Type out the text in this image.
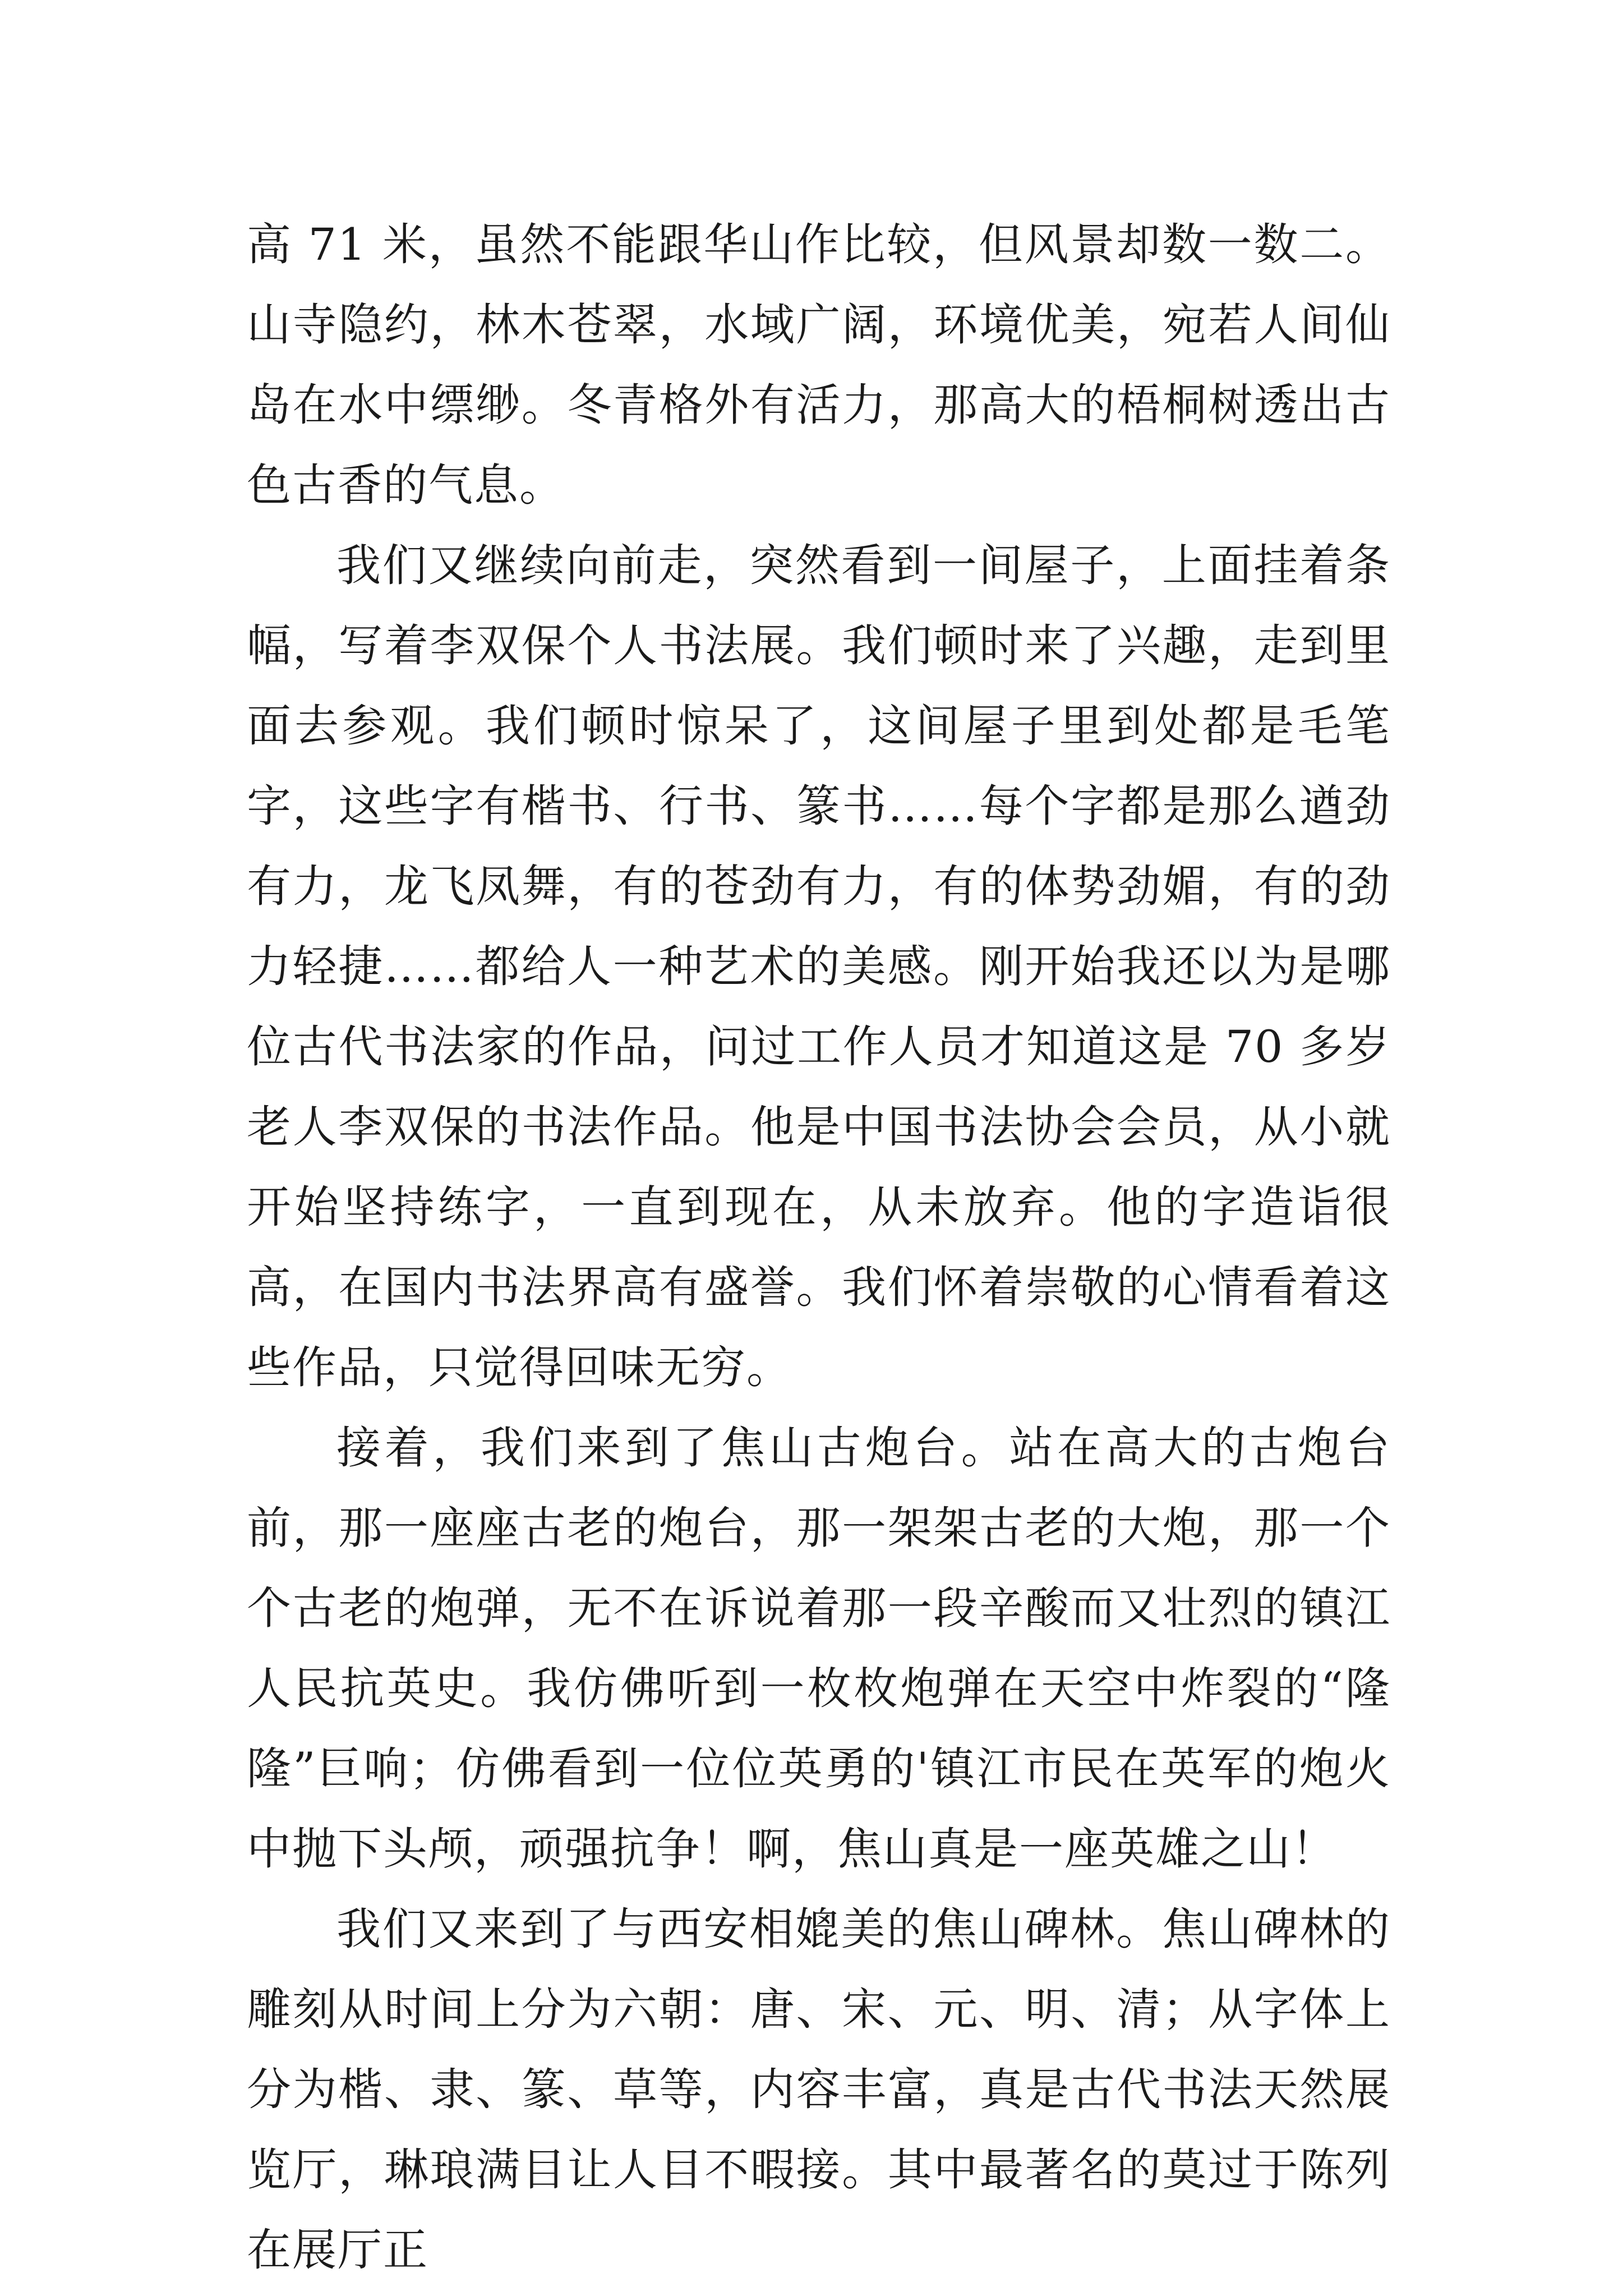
高 71 米，虽然不能跟华山作比较，但风景却数一数二。山寺隐约，林木苍翠，水域广阔，环境优美，宛若人间仙岛在水中缥缈。冬青格外有活力，那高大的梧桐树透出古色古香的气息。

我们又继续向前走，突然看到一间屋子，上面挂着条幅，写着李双保个人书法展。我们顿时来了兴趣，走到里面去参观。我们顿时惊呆了，这间屋子里到处都是毛笔字，这些字有楷书、行书、篆书……每个字都是那么遒劲有力，龙飞凤舞，有的苍劲有力，有的体势劲媚，有的劲力轻捷……都给人一种艺术的美感。刚开始我还以为是哪位古代书法家的作品，问过工作人员才知道这是 70 多岁老人李双保的书法作品。他是中国书法协会会员，从小就开始坚持练字，一直到现在，从未放弃。他的字造诣很高，在国内书法界高有盛誉。我们怀着崇敬的心情看着这些作品，只觉得回味无穷。

接着，我们来到了焦山古炮台。站在高大的古炮台前，那一座座古老的炮台，那一架架古老的大炮，那一个个古老的炮弹，无不在诉说着那一段辛酸而又壮烈的镇江人民抗英史。我仿佛听到一枚枚炮弹在天空中炸裂的“隆隆”巨响；仿佛看到一位位英勇的'镇江市民在英军的炮火中抛下头颅，顽强抗争！啊，焦山真是一座英雄之山！

我们又来到了与西安相媲美的焦山碑林。焦山碑林的雕刻从时间上分为六朝：唐、宋、元、明、清；从字体上分为楷、隶、篆、草等，内容丰富，真是古代书法天然展览厅，琳琅满目让人目不暇接。其中最著名的莫过于陈列在展厅正
